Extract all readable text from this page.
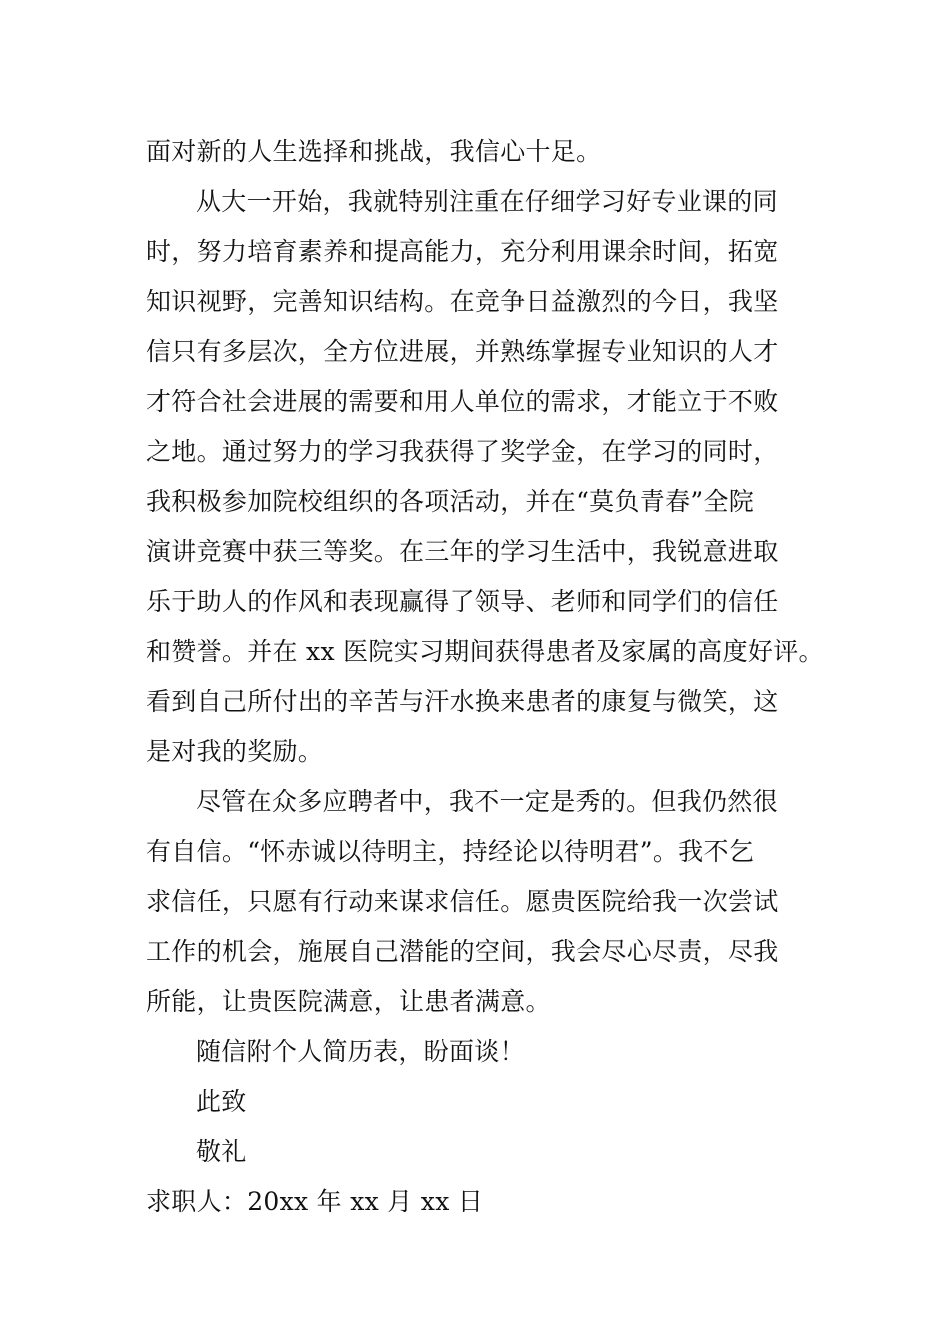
面对新的人生选择和挑战，我信心十足。
从大一开始，我就特别注重在仔细学习好专业课的同
时，努力培育素养和提高能力，充分利用课余时间，拓宽
知识视野，完善知识结构。在竞争日益激烈的今日，我坚
信只有多层次，全方位进展，并熟练掌握专业知识的人才
才符合社会进展的需要和用人单位的需求，才能立于不败
之地。通过努力的学习我获得了奖学金，在学习的同时，
我积极参加院校组织的各项活动，并在“莫负青春”全院
演讲竞赛中获三等奖。在三年的学习生活中，我锐意进取
乐于助人的作风和表现赢得了领导、老师和同学们的信任
和赞誉。并在 xx 医院实习期间获得患者及家属的高度好评。
看到自己所付出的辛苦与汗水换来患者的康复与微笑，这
是对我的奖励。
尽管在众多应聘者中，我不一定是秀的。但我仍然很
有自信。“怀赤诚以待明主，持经论以待明君”。我不乞
求信任，只愿有行动来谋求信任。愿贵医院给我一次尝试
工作的机会，施展自己潜能的空间，我会尽心尽责，尽我
所能，让贵医院满意，让患者满意。
随信附个人简历表，盼面谈！
此致
敬礼
求职人：20xx 年 xx 月 xx 日
